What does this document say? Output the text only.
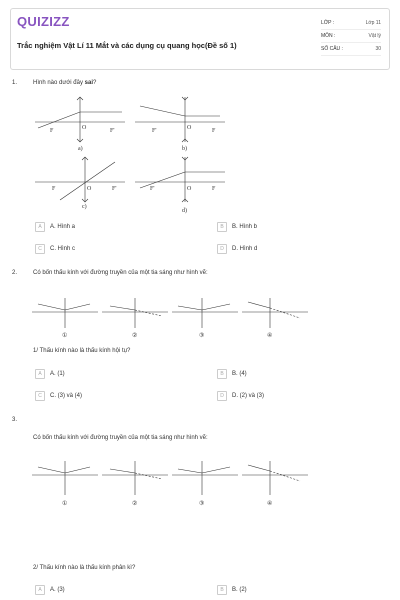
QUIZIZZ
Trắc nghiệm Vật Lí 11 Mắt và các dụng cụ quang học(Đề số 1)
LỚP :	Lớp 11
MÔN :	Vật lý
SỐ CÂU :	30
1.	Hình nào dưới đây sai?
F	O	F'
a)
F'	O	F
b)
F	O	F'
c)
F'	O	F
d)
A	A. Hình a	B	B. Hình b
C	C. Hình c	D	D. Hình d
2.	Có bốn thấu kính với đường truyền của một tia sáng như hình vẽ:
①	②	③	④
1/ Thấu kính nào là thấu kính hội tụ?
A	A. (1)	B	B. (4)
C	C. (3) và (4)	D	D. (2) và (3)
3.
Có bốn thấu kính với đường truyền của một tia sáng như hình vẽ:
①	②	③	④
2/ Thấu kính nào là thấu kính phân kì?
A	A. (3)	B	B. (2)
